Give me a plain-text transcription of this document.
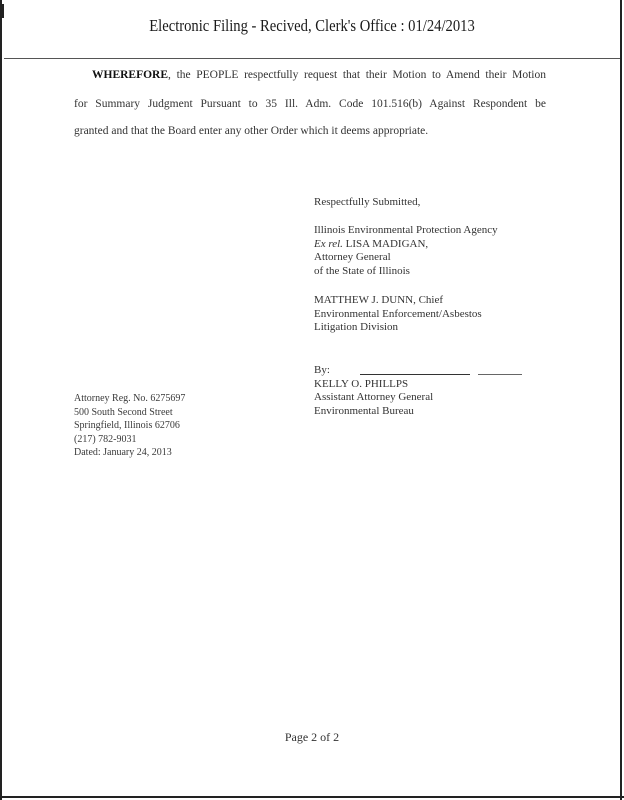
Electronic Filing - Recived, Clerk's Office : 01/24/2013
WHEREFORE, the PEOPLE respectfully request that their Motion to Amend their Motion
for Summary Judgment Pursuant to 35 Ill. Adm. Code 101.516(b) Against Respondent be
granted and that the Board enter any other Order which it deems appropriate.
Respectfully Submitted,
Illinois Environmental Protection Agency
Ex rel. LISA MADIGAN,
Attorney General
of the State of Illinois
MATTHEW J. DUNN, Chief
Environmental Enforcement/Asbestos
Litigation Division
By:
KELLY O. PHILLPS
Assistant Attorney General
Environmental Bureau
Attorney Reg. No. 6275697
500 South Second Street
Springfield, Illinois 62706
(217) 782-9031
Dated: January 24, 2013
Page 2 of 2
